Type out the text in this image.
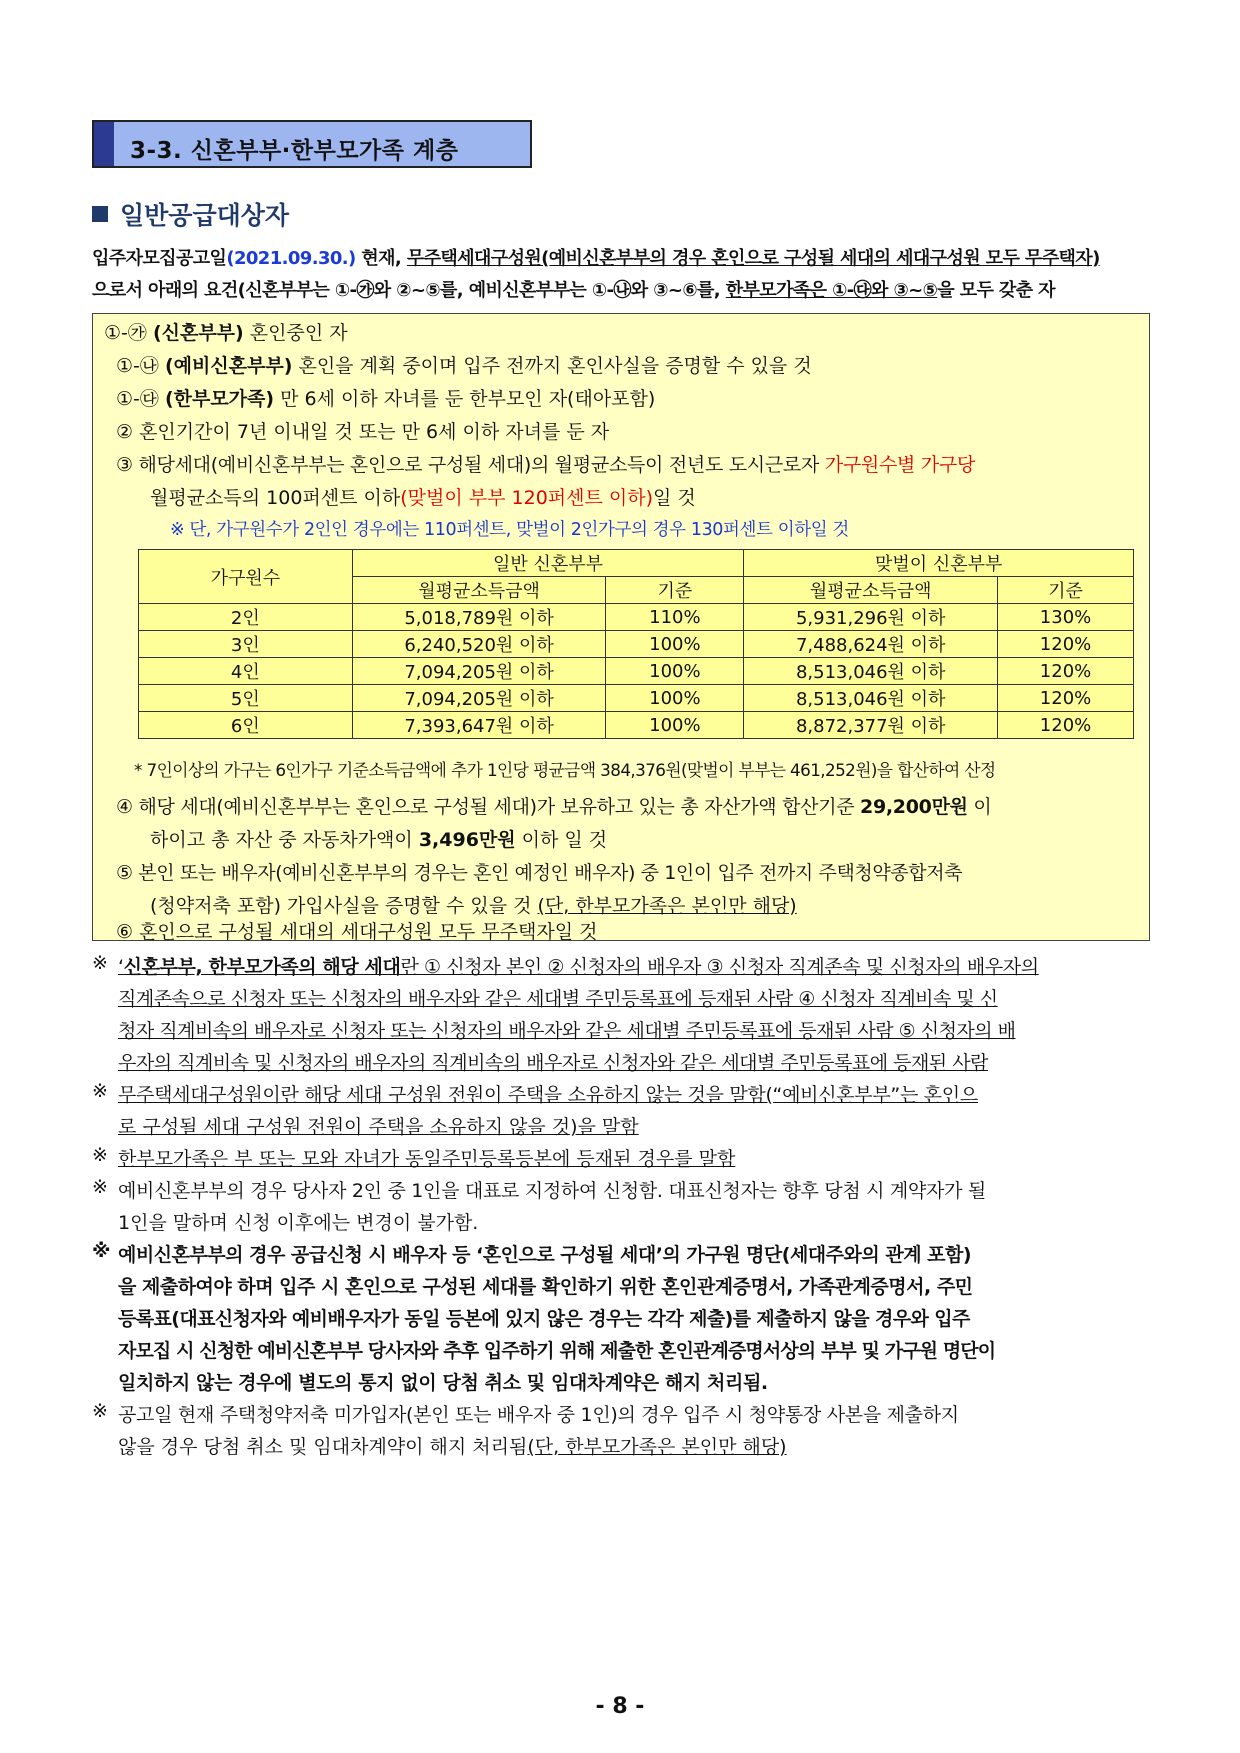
3-3. 신혼부부·한부모가족 계층
일반공급대상자
입주자모집공고일(2021.09.30.) 현재, 무주택세대구성원(예비신혼부부의 경우 혼인으로 구성될 세대의 세대구성원 모두 무주택자)
으로서 아래의 요건(신혼부부는 ①-㉮와 ②~⑤를, 예비신혼부부는 ①-㉯와 ③~⑥를, 한부모가족은 ①-㉰와 ③~⑤을 모두 갖춘 자
①-㉮ (신혼부부) 혼인중인 자
①-㉯ (예비신혼부부) 혼인을 계획 중이며 입주 전까지 혼인사실을 증명할 수 있을 것
①-㉰ (한부모가족) 만 6세 이하 자녀를 둔 한부모인 자(태아포함)
② 혼인기간이 7년 이내일 것 또는 만 6세 이하 자녀를 둔 자
③ 해당세대(예비신혼부부는 혼인으로 구성될 세대)의 월평균소득이 전년도 도시근로자 가구원수별 가구당
월평균소득의 100퍼센트 이하(맞벌이 부부 120퍼센트 이하)일 것
※ 단, 가구원수가 2인인 경우에는 110퍼센트, 맞벌이 2인가구의 경우 130퍼센트 이하일 것
가구원수	일반 신혼부부		맞벌이 신혼부부	
	월평균소득금액	기준	월평균소득금액	기준
2인	5,018,789원 이하	110%	5,931,296원 이하	130%
3인	6,240,520원 이하	100%	7,488,624원 이하	120%
4인	7,094,205원 이하	100%	8,513,046원 이하	120%
5인	7,094,205원 이하	100%	8,513,046원 이하	120%
6인	7,393,647원 이하	100%	8,872,377원 이하	120%
* 7인이상의 가구는 6인가구 기준소득금액에 추가 1인당 평균금액 384,376원(맞벌이 부부는 461,252원)을 합산하여 산정
④ 해당 세대(예비신혼부부는 혼인으로 구성될 세대)가 보유하고 있는 총 자산가액 합산기준 29,200만원 이
하이고 총 자산 중 자동차가액이 3,496만원 이하 일 것
⑤ 본인 또는 배우자(예비신혼부부의 경우는 혼인 예정인 배우자) 중 1인이 입주 전까지 주택청약종합저축
(청약저축 포함) 가입사실을 증명할 수 있을 것 (단, 한부모가족은 본인만 해당)
⑥ 혼인으로 구성될 세대의 세대구성원 모두 무주택자일 것
※ ‘신혼부부, 한부모가족의 해당 세대란 ① 신청자 본인 ② 신청자의 배우자 ③ 신청자 직계존속 및 신청자의 배우자의
직계존속으로 신청자 또는 신청자의 배우자와 같은 세대별 주민등록표에 등재된 사람 ④ 신청자 직계비속 및 신
청자 직계비속의 배우자로 신청자 또는 신청자의 배우자와 같은 세대별 주민등록표에 등재된 사람 ⑤ 신청자의 배
우자의 직계비속 및 신청자의 배우자의 직계비속의 배우자로 신청자와 같은 세대별 주민등록표에 등재된 사람
※ 무주택세대구성원이란 해당 세대 구성원 전원이 주택을 소유하지 않는 것을 말함(“예비신혼부부”는 혼인으
로 구성될 세대 구성원 전원이 주택을 소유하지 않을 것)을 말함
※ 한부모가족은 부 또는 모와 자녀가 동일주민등록등본에 등재된 경우를 말함
※ 예비신혼부부의 경우 당사자 2인 중 1인을 대표로 지정하여 신청함. 대표신청자는 향후 당첨 시 계약자가 될
1인을 말하며 신청 이후에는 변경이 불가함.
※ 예비신혼부부의 경우 공급신청 시 배우자 등 ‘혼인으로 구성될 세대’의 가구원 명단(세대주와의 관계 포함)
을 제출하여야 하며 입주 시 혼인으로 구성된 세대를 확인하기 위한 혼인관계증명서, 가족관계증명서, 주민
등록표(대표신청자와 예비배우자가 동일 등본에 있지 않은 경우는 각각 제출)를 제출하지 않을 경우와 입주
자모집 시 신청한 예비신혼부부 당사자와 추후 입주하기 위해 제출한 혼인관계증명서상의 부부 및 가구원 명단이
일치하지 않는 경우에 별도의 통지 없이 당첨 취소 및 임대차계약은 해지 처리됨.
※ 공고일 현재 주택청약저축 미가입자(본인 또는 배우자 중 1인)의 경우 입주 시 청약통장 사본을 제출하지
않을 경우 당첨 취소 및 임대차계약이 해지 처리됨(단, 한부모가족은 본인만 해당)
- 8 -
